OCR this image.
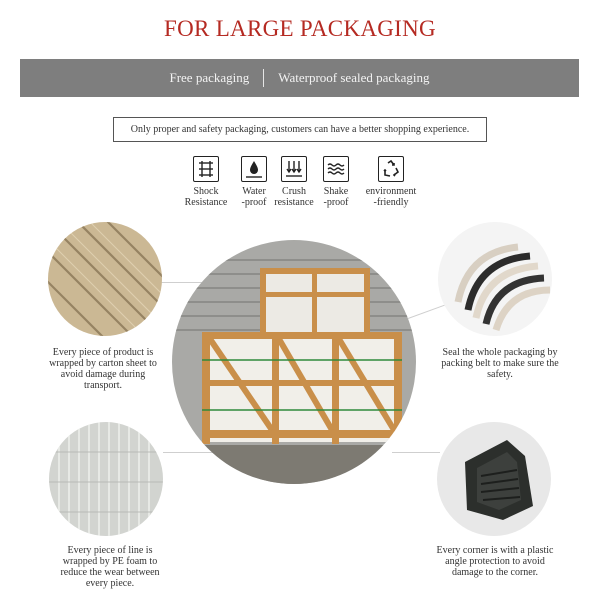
FOR LARGE PACKAGING
Free packaging Waterproof sealed packaging
Only proper and safety packaging, customers can have a better shopping experience.
Shock
Resistance
Water
-proof
Crush
resistance
Shake
-proof
environment
-friendly
Every piece of product is
wrapped by carton sheet to
avoid damage during
transport.
Seal the whole packaging by
packing belt to make sure the
safety.
Every piece of line is
wrapped by PE foam to
reduce the wear between
every piece.
Every corner is with a plastic
angle protection to avoid
damage to the corner.
